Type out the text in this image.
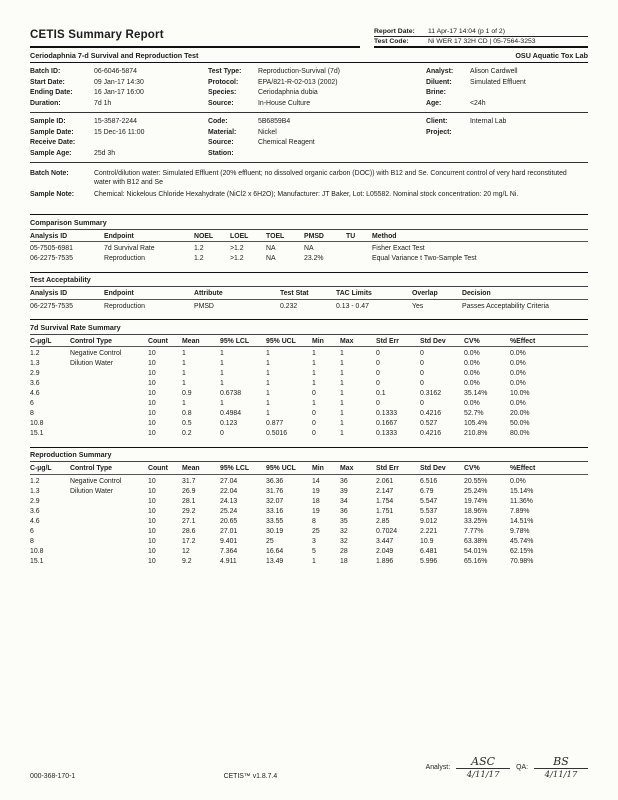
CETIS Summary Report	Report Date:	11 Apr-17 14:04 (p 1 of 2)
Test Code:	Ni WER 17 32H CD | 05-7564-3253
Ceriodaphnia 7-d Survival and Reproduction Test	OSU Aquatic Tox Lab
Batch ID:	06-6046-5874
Start Date:	09 Jan-17 14:30
Ending Date:	16 Jan-17 16:00
Duration:	7d 1h
Test Type:	Reproduction-Survival (7d)
Protocol:	EPA/821-R-02-013 (2002)
Species:	Ceriodaphnia dubia
Source:	In-House Culture
Analyst:	Alison Cardwell
Diluent:	Simulated Effluent
Brine:
Age:	<24h
Sample ID:	15-3587-2244
Sample Date:	15 Dec-16 11:00
Receive Date:
Sample Age:	25d 3h
Code:	5B6859B4
Material:	Nickel
Source:	Chemical Reagent
Station:
Client:	Internal Lab
Project:
Batch Note:	Control/dilution water: Simulated Effluent (20% effluent; no dissolved organic carbon (DOC)) with B12 and Se. Concurrent control of very hard reconstituted water with B12 and Se
Sample Note:	Chemical: Nickelous Chloride Hexahydrate (NiCl2 x 6H2O); Manufacturer: JT Baker, Lot: L05582. Nominal stock concentration: 20 mg/L Ni.
Comparison Summary
Analysis ID	Endpoint	NOEL	LOEL	TOEL	PMSD	TU	Method
05-7505-6981	7d Survival Rate	1.2	>1.2	NA	NA		Fisher Exact Test
06-2275-7535	Reproduction	1.2	>1.2	NA	23.2%		Equal Variance t Two-Sample Test
Test Acceptability
Analysis ID	Endpoint	Attribute	Test Stat	TAC Limits	Overlap	Decision
06-2275-7535	Reproduction	PMSD	0.232	0.13 - 0.47	Yes	Passes Acceptability Criteria
7d Survival Rate Summary
C-µg/L	Control Type	Count	Mean	95% LCL	95% UCL	Min	Max	Std Err	Std Dev	CV%	%Effect
1.2	Negative Control	10	1	1	1	1	1	0	0	0.0%	0.0%
1.3	Dilution Water	10	1	1	1	1	1	0	0	0.0%	0.0%
2.9		10	1	1	1	1	1	0	0	0.0%	0.0%
3.6		10	1	1	1	1	1	0	0	0.0%	0.0%
4.6		10	0.9	0.6738	1	0	1	0.1	0.3162	35.14%	10.0%
6		10	1	1	1	1	1	0	0	0.0%	0.0%
8		10	0.8	0.4984	1	0	1	0.1333	0.4216	52.7%	20.0%
10.8		10	0.5	0.123	0.877	0	1	0.1667	0.527	105.4%	50.0%
15.1		10	0.2	0	0.5016	0	1	0.1333	0.4216	210.8%	80.0%
Reproduction Summary
C-µg/L	Control Type	Count	Mean	95% LCL	95% UCL	Min	Max	Std Err	Std Dev	CV%	%Effect
1.2	Negative Control	10	31.7	27.04	36.36	14	36	2.061	6.516	20.55%	0.0%
1.3	Dilution Water	10	26.9	22.04	31.76	19	39	2.147	6.79	25.24%	15.14%
2.9		10	28.1	24.13	32.07	18	34	1.754	5.547	19.74%	11.36%
3.6		10	29.2	25.24	33.16	19	36	1.751	5.537	18.96%	7.89%
4.6		10	27.1	20.65	33.55	8	35	2.85	9.012	33.25%	14.51%
6		10	28.6	27.01	30.19	25	32	0.7024	2.221	7.77%	9.78%
8		10	17.2	9.401	25	3	32	3.447	10.9	63.38%	45.74%
10.8		10	12	7.364	16.64	5	28	2.049	6.481	54.01%	62.15%
15.1		10	9.2	4.911	13.49	1	18	1.896	5.996	65.16%	70.98%
000-368-170-1	CETIS™ v1.8.7.4
Analyst:	ASC
4/11/17
QA:	BS
4/11/17
